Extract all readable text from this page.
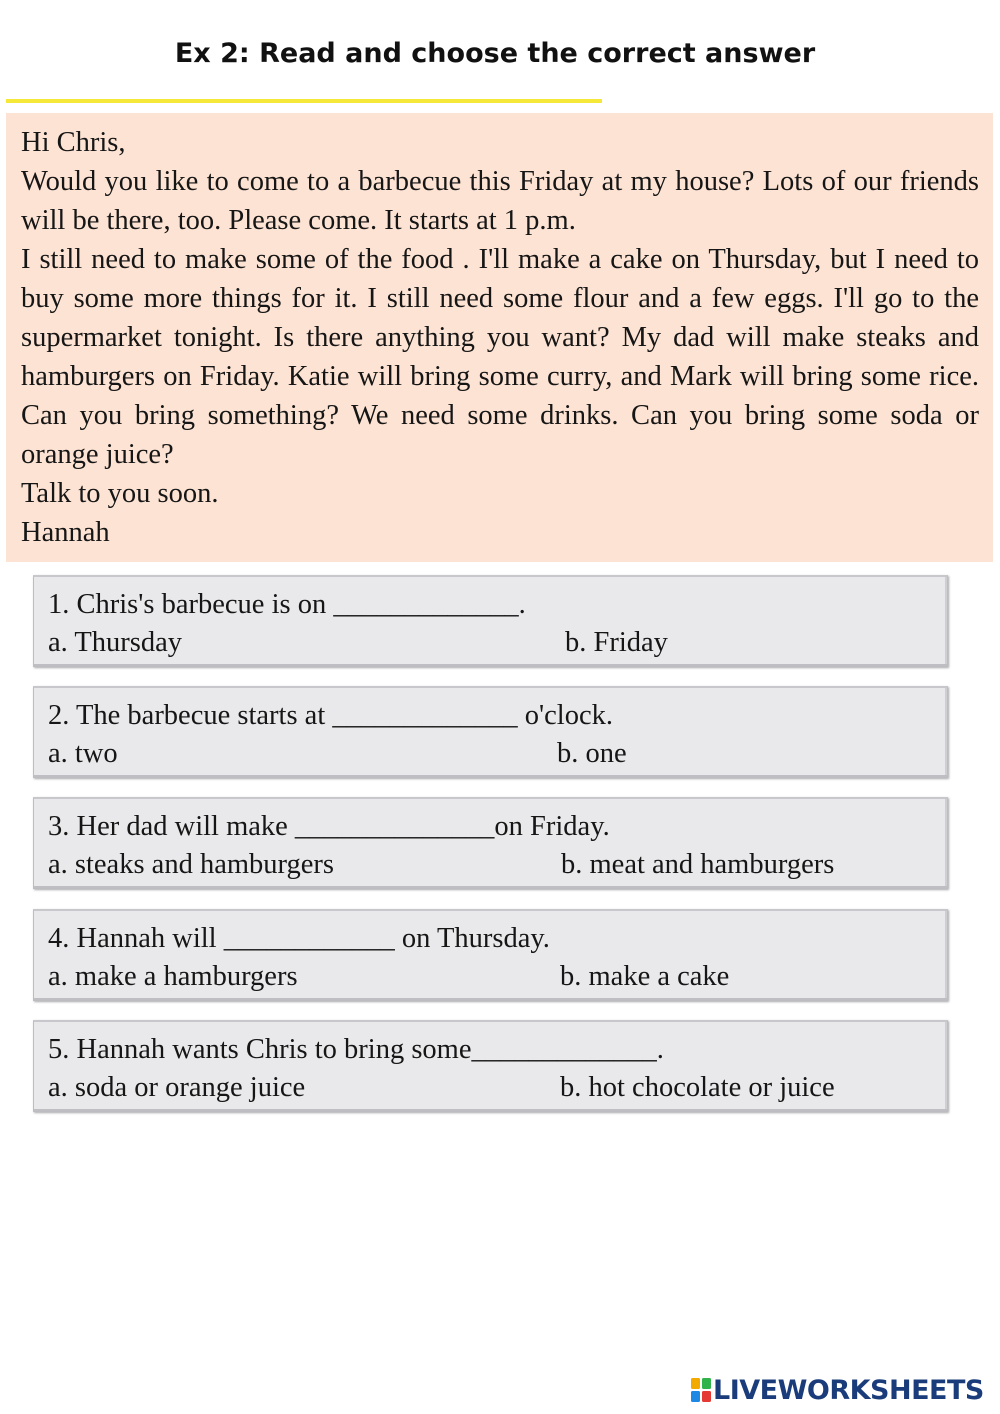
Ex 2: Read and choose the correct answer

Hi Chris,

Would you like to come to a barbecue this Friday at my house? Lots of our friends will be there, too. Please come. It starts at 1 p.m.

I still need to make some of the food . I'll make a cake on Thursday, but I need to buy some more things for it. I still need some flour and a few eggs. I'll go to the supermarket tonight. Is there anything you want? My dad will make steaks and hamburgers on Friday. Katie will bring some curry, and Mark will bring some rice. Can you bring something? We need some drinks. Can you bring some soda or orange juice?

Talk to you soon.

Hannah

1. Chris's barbecue is on _____________.

a. Thursday	b. Friday

2. The barbecue starts at _____________ o'clock.

a. two	b. one

3. Her dad will make ______________on Friday.

a. steaks and hamburgers	b. meat and hamburgers

4. Hannah will ____________ on Thursday.

a. make a hamburgers	b. make a cake

5. Hannah wants Chris to bring some_____________.

a. soda or orange juice	b. hot chocolate or juice
LIVEWORKSHEETS
